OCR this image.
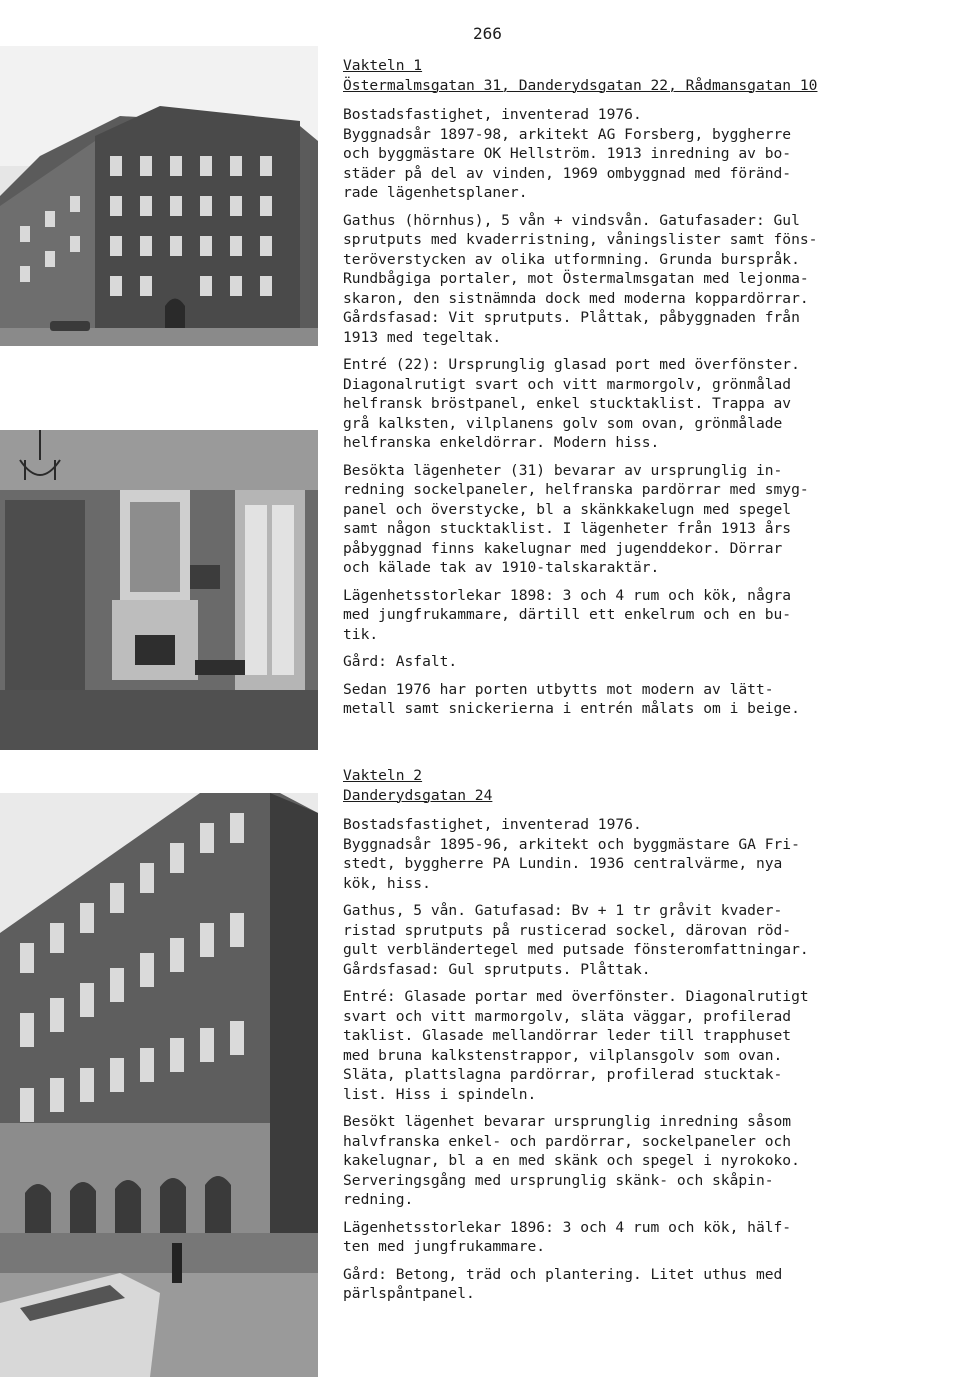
266
Vakteln 1
Östermalmsgatan 31, Danderydsgatan 22, Rådmansgatan 10

Bostadsfastighet, inventerad 1976.
Byggnadsår 1897-98, arkitekt AG Forsberg, byggherre
och byggmästare OK Hellström. 1913 inredning av bo-
städer på del av vinden, 1969 ombyggnad med föränd-
rade lägenhetsplaner.

Gathus (hörnhus), 5 vån + vindsvån. Gatufasader: Gul
sprutputs med kvaderristning, våningslister samt föns-
teröverstycken av olika utformning. Grunda burspråk.
Rundbågiga portaler, mot Östermalmsgatan med lejonma-
skaron, den sistnämnda dock med moderna koppardörrar.
Gårdsfasad: Vit sprutputs. Plåttak, påbyggnaden från
1913 med tegeltak.

Entré (22): Ursprunglig glasad port med överfönster.
Diagonalrutigt svart och vitt marmorgolv, grönmålad
helfransk bröstpanel, enkel stucktaklist. Trappa av
grå kalksten, vilplanens golv som ovan, grönmålade
helfranska enkeldörrar. Modern hiss.

Besökta lägenheter (31) bevarar av ursprunglig in-
redning sockelpaneler, helfranska pardörrar med smyg-
panel och överstycke, bl a skänkkakelugn med spegel
samt någon stucktaklist. I lägenheter från 1913 års
påbyggnad finns kakelugnar med jugenddekor. Dörrar
och kälade tak av 1910-talskaraktär.

Lägenhetsstorlekar 1898: 3 och 4 rum och kök, några
med jungfrukammare, därtill ett enkelrum och en bu-
tik.

Gård: Asfalt.

Sedan 1976 har porten utbytts mot modern av lätt-
metall samt snickerierna i entrén målats om i beige.

Vakteln 2
Danderydsgatan 24

Bostadsfastighet, inventerad 1976.
Byggnadsår 1895-96, arkitekt och byggmästare GA Fri-
stedt, byggherre PA Lundin. 1936 centralvärme, nya
kök, hiss.

Gathus, 5 vån. Gatufasad: Bv + 1 tr gråvit kvader-
ristad sprutputs på rusticerad sockel, därovan röd-
gult verbländertegel med putsade fönsteromfattningar.
Gårdsfasad: Gul sprutputs. Plåttak.

Entré: Glasade portar med överfönster. Diagonalrutigt
svart och vitt marmorgolv, släta väggar, profilerad
taklist. Glasade mellandörrar leder till trapphuset
med bruna kalkstenstrappor, vilplansgolv som ovan.
Släta, plattslagna pardörrar, profilerad stucktak-
list. Hiss i spindeln.

Besökt lägenhet bevarar ursprunglig inredning såsom
halvfranska enkel- och pardörrar, sockelpaneler och
kakelugnar, bl a en med skänk och spegel i nyrokoko.
Serveringsgång med ursprunglig skänk- och skåpin-
redning.

Lägenhetsstorlekar 1896: 3 och 4 rum och kök, hälf-
ten med jungfrukammare.

Gård: Betong, träd och plantering. Litet uthus med
pärlspåntpanel.
